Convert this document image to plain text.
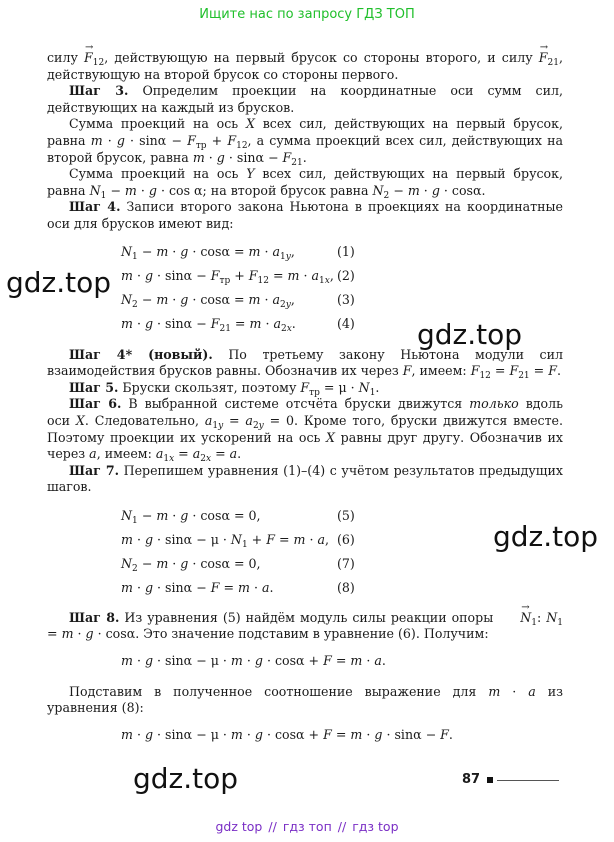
Ищите нас по запросу ГДЗ ТОП

силу → $F_{12}$, действующую на первый брусок со стороны второго, и силу → $F_{21}$, действующую на второй брусок со стороны первого.

Шаг 3. Определим проекции на координатные оси сумм сил, действующих на каждый из брусков.

Сумма проекций на ось X всех сил, действующих на первый брусок, равна $m \cdot g \cdot \sin\alpha - F_{тр} + F_{12}$, а сумма проекций всех сил, действующих на второй брусок, равна $m \cdot g \cdot \sin\alpha - F_{21}$.

Сумма проекций на ось Y всех сил, действующих на первый брусок, равна $N_1 - m \cdot g \cdot \cos \alpha$; на второй брусок равна $N_2 - m \cdot g \cdot \cos\alpha$.

Шаг 4. Записи второго закона Ньютона в проекциях на координатные оси для брусков имеют вид:

$N_1 - m \cdot g \cdot \cos\alpha = m \cdot a_{1y}$,	(1)
$m \cdot g \cdot \sin\alpha - F_{тр} + F_{12} = m \cdot a_{1x}$, (2)
$N_2 - m \cdot g \cdot \cos\alpha = m \cdot a_{2y}$,	(3)
$m \cdot g \cdot \sin\alpha - F_{21} = m \cdot a_{2x}$.	(4)

Шаг 4* (новый). По третьему закону Ньютона модули сил взаимодействия брусков равны. Обозначив их через F, имеем: $F_{12} = F_{21} = F$.

Шаг 5. Бруски скользят, поэтому $F_{тр} = \mu \cdot N_1$.

Шаг 6. В выбранной системе отсчёта бруски движутся только вдоль оси X. Следовательно, $a_{1y} = a_{2y} = 0$. Кроме того, бруски движутся вместе. Поэтому проекции их ускорений на ось X равны друг другу. Обозначив их через a, имеем: $a_{1x} = a_{2x} = a$.

Шаг 7. Перепишем уравнения (1)–(4) с учётом результатов предыдущих шагов.

$N_1 - m \cdot g \cdot \cos\alpha = 0$,	(5)
$m \cdot g \cdot \sin\alpha - \mu \cdot N_1 + F = m \cdot a$, (6)
$N_2 - m \cdot g \cdot \cos\alpha = 0$,	(7)
m · g · sinα − F = m · a.	(8)

Шаг 8. Из уравнения (5) найдём модуль силы реакции опоры → $N_1$: $N_1 = m \cdot g \cdot \cos\alpha$. Это значение подставим в уравнение (6). Получим:

m · g · sinα − μ · m · g · cosα + F = m · a.

Подставим в полученное соотношение выражение для m · a из уравнения (8):

m · g · sinα − μ · m · g · cosα + F = m · g · sinα − F.
gdz.top
gdz.top
gdz.top
gdz.top	87
gdz top // гдз топ // гдз top
